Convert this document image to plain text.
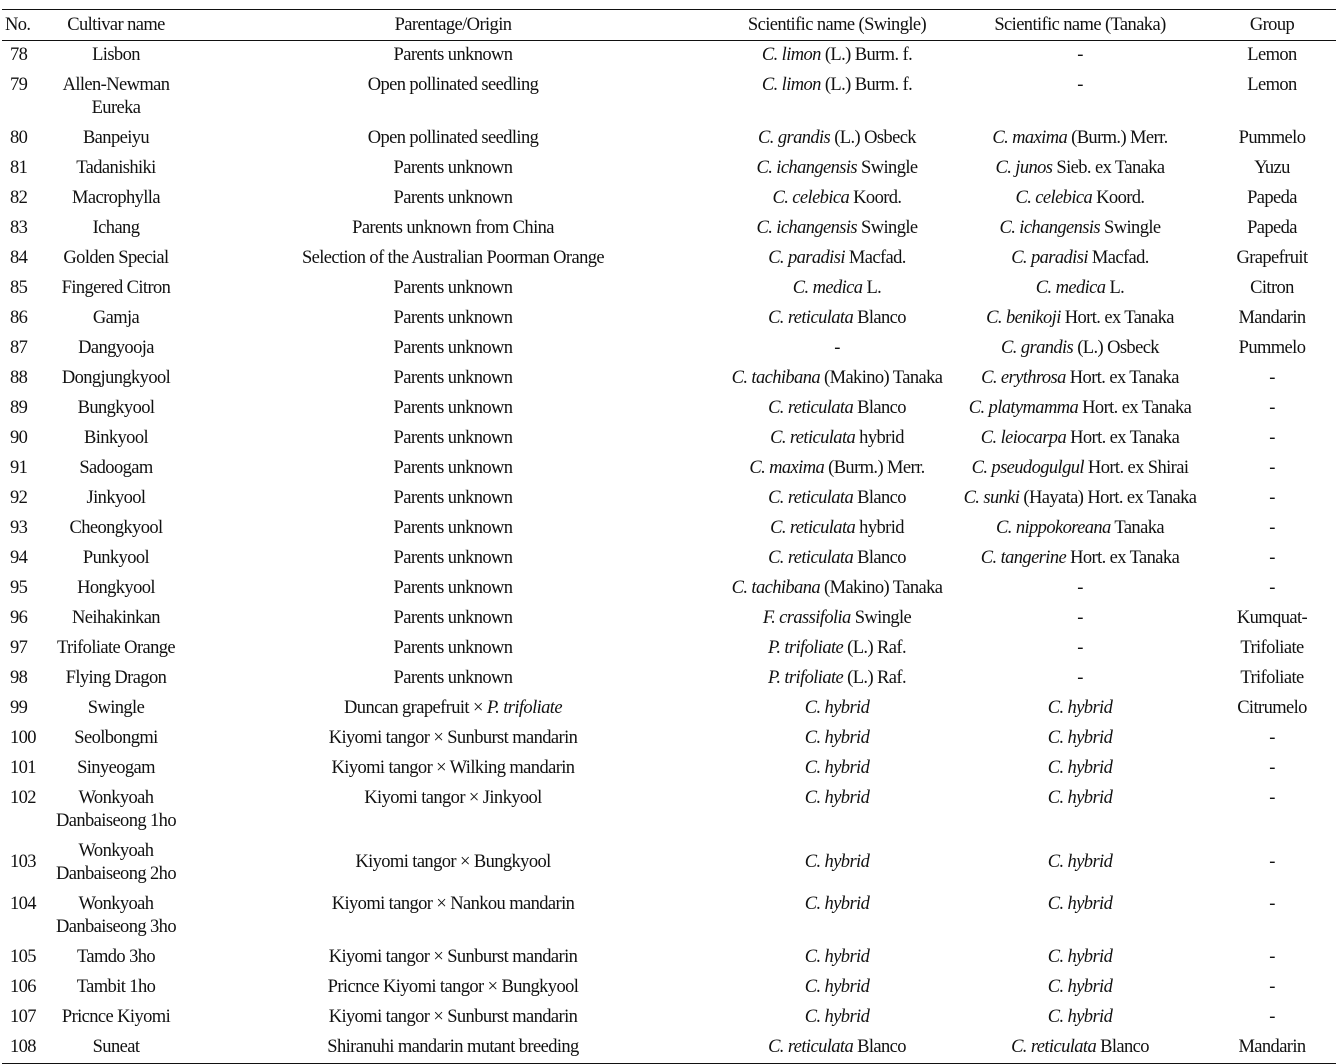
No.	Cultivar name	Parentage/Origin	Scientific name (Swingle)	Scientific name (Tanaka)	Group
78	Lisbon	Parents unknown	C. limon (L.) Burm. f.	-	Lemon
79	Allen-Newman Eureka	Open pollinated seedling	C. limon (L.) Burm. f.	-	Lemon
80	Banpeiyu	Open pollinated seedling	C. grandis (L.) Osbeck	C. maxima (Burm.) Merr.	Pummelo
81	Tadanishiki	Parents unknown	C. ichangensis Swingle	C. junos Sieb. ex Tanaka	Yuzu
82	Macrophylla	Parents unknown	C. celebica Koord.	C. celebica Koord.	Papeda
83	Ichang	Parents unknown from China	C. ichangensis Swingle	C. ichangensis Swingle	Papeda
84	Golden Special	Selection of the Australian Poorman Orange	C. paradisi Macfad.	C. paradisi Macfad.	Grapefruit
85	Fingered Citron	Parents unknown	C. medica L.	C. medica L.	Citron
86	Gamja	Parents unknown	C. reticulata Blanco	C. benikoji Hort. ex Tanaka	Mandarin
87	Dangyooja	Parents unknown	-	C. grandis (L.) Osbeck	Pummelo
88	Dongjungkyool	Parents unknown	C. tachibana (Makino) Tanaka	C. erythrosa Hort. ex Tanaka	-
89	Bungkyool	Parents unknown	C. reticulata Blanco	C. platymamma Hort. ex Tanaka	-
90	Binkyool	Parents unknown	C. reticulata hybrid	C. leiocarpa Hort. ex Tanaka	-
91	Sadoogam	Parents unknown	C. maxima (Burm.) Merr.	C. pseudogulgul Hort. ex Shirai	-
92	Jinkyool	Parents unknown	C. reticulata Blanco	C. sunki (Hayata) Hort. ex Tanaka	-
93	Cheongkyool	Parents unknown	C. reticulata hybrid	C. nippokoreana Tanaka	-
94	Punkyool	Parents unknown	C. reticulata Blanco	C. tangerine Hort. ex Tanaka	-
95	Hongkyool	Parents unknown	C. tachibana (Makino) Tanaka	-	-
96	Neihakinkan	Parents unknown	F. crassifolia Swingle	-	Kumquat-
97	Trifoliate Orange	Parents unknown	P. trifoliate (L.) Raf.	-	Trifoliate
98	Flying Dragon	Parents unknown	P. trifoliate (L.) Raf.	-	Trifoliate
99	Swingle	Duncan grapefruit × P. trifoliate	C. hybrid	C. hybrid	Citrumelo
100	Seolbongmi	Kiyomi tangor × Sunburst mandarin	C. hybrid	C. hybrid	-
101	Sinyeogam	Kiyomi tangor × Wilking mandarin	C. hybrid	C. hybrid	-
102	Wonkyoah Danbaiseong 1ho	Kiyomi tangor × Jinkyool	C. hybrid	C. hybrid	-
103	Wonkyoah Danbaiseong 2ho	Kiyomi tangor × Bungkyool	C. hybrid	C. hybrid	-
104	Wonkyoah Danbaiseong 3ho	Kiyomi tangor × Nankou mandarin	C. hybrid	C. hybrid	-
105	Tamdo 3ho	Kiyomi tangor × Sunburst mandarin	C. hybrid	C. hybrid	-
106	Tambit 1ho	Pricnce Kiyomi tangor × Bungkyool	C. hybrid	C. hybrid	-
107	Pricnce Kiyomi	Kiyomi tangor × Sunburst mandarin	C. hybrid	C. hybrid	-
108	Suneat	Shiranuhi mandarin mutant breeding	C. reticulata Blanco	C. reticulata Blanco	Mandarin
